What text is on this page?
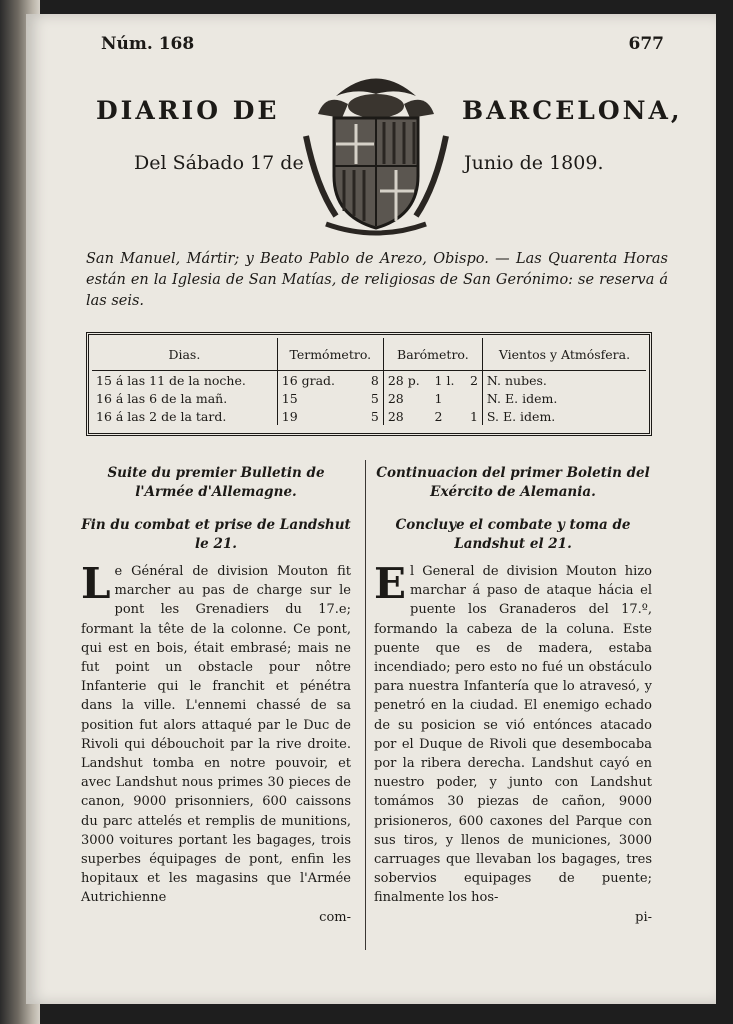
Núm. 168	677
DIARIO DE	BARCELONA,
Del Sábado 17 de	Junio de 1809.
San Manuel, Mártir; y Beato Pablo de Arezo, Obispo. — Las Quarenta Horas están en la Iglesia de San Matías, de religiosas de San Gerónimo: se reserva á las seis.
Dias.	Termómetro.		Barómetro.			Vientos y Atmósfera.
15 á las 11 de la noche.	16 grad.	8	28 p.	1 l.	2	N. nubes.
16 á las 6 de la mañ.	15	5	28	1		N. E. idem.
16 á las 2 de la tard.	19	5	28	2	1	S. E. idem.
Suite du premier Bulletin de l'Armée d'Allemagne.
Fin du combat et prise de Landshut le 21.

Le Général de division Mouton fit marcher au pas de charge sur le pont les Grenadiers du 17.e; formant la tête de la colonne. Ce pont, qui est en bois, était embrasé; mais ne fut point un obstacle pour nôtre Infanterie qui le franchit et pénétra dans la ville. L'ennemi chassé de sa position fut alors attaqué par le Duc de Rivoli qui débouchoit par la rive droite. Landshut tomba en notre pouvoir, et avec Landshut nous primes 30 pieces de canon, 9000 prisonniers, 600 caissons du parc attelés et remplis de munitions, 3000 voitures portant les bagages, trois superbes équipages de pont, enfin les hopitaux et les magasins que l'Armée Autrichienne

com-

Continuacion del primer Boletin del Exército de Alemania.
Concluye el combate y toma de Landshut el 21.

El General de division Mouton hizo marchar á paso de ataque hácia el puente los Granaderos del 17.º, formando la cabeza de la coluna. Este puente que es de madera, estaba incendiado; pero esto no fué un obstáculo para nuestra Infantería que lo atravesó, y penetró en la ciudad. El enemigo echado de su posicion se vió entónces atacado por el Duque de Rivoli que desembocaba por la ribera derecha. Landshut cayó en nuestro poder, y junto con Landshut tomámos 30 piezas de cañon, 9000 prisioneros, 600 caxones del Parque con sus tiros, y llenos de municiones, 3000 carruages que llevaban los bagages, tres sobervios equipages de puente; finalmente los hos-

pi-
